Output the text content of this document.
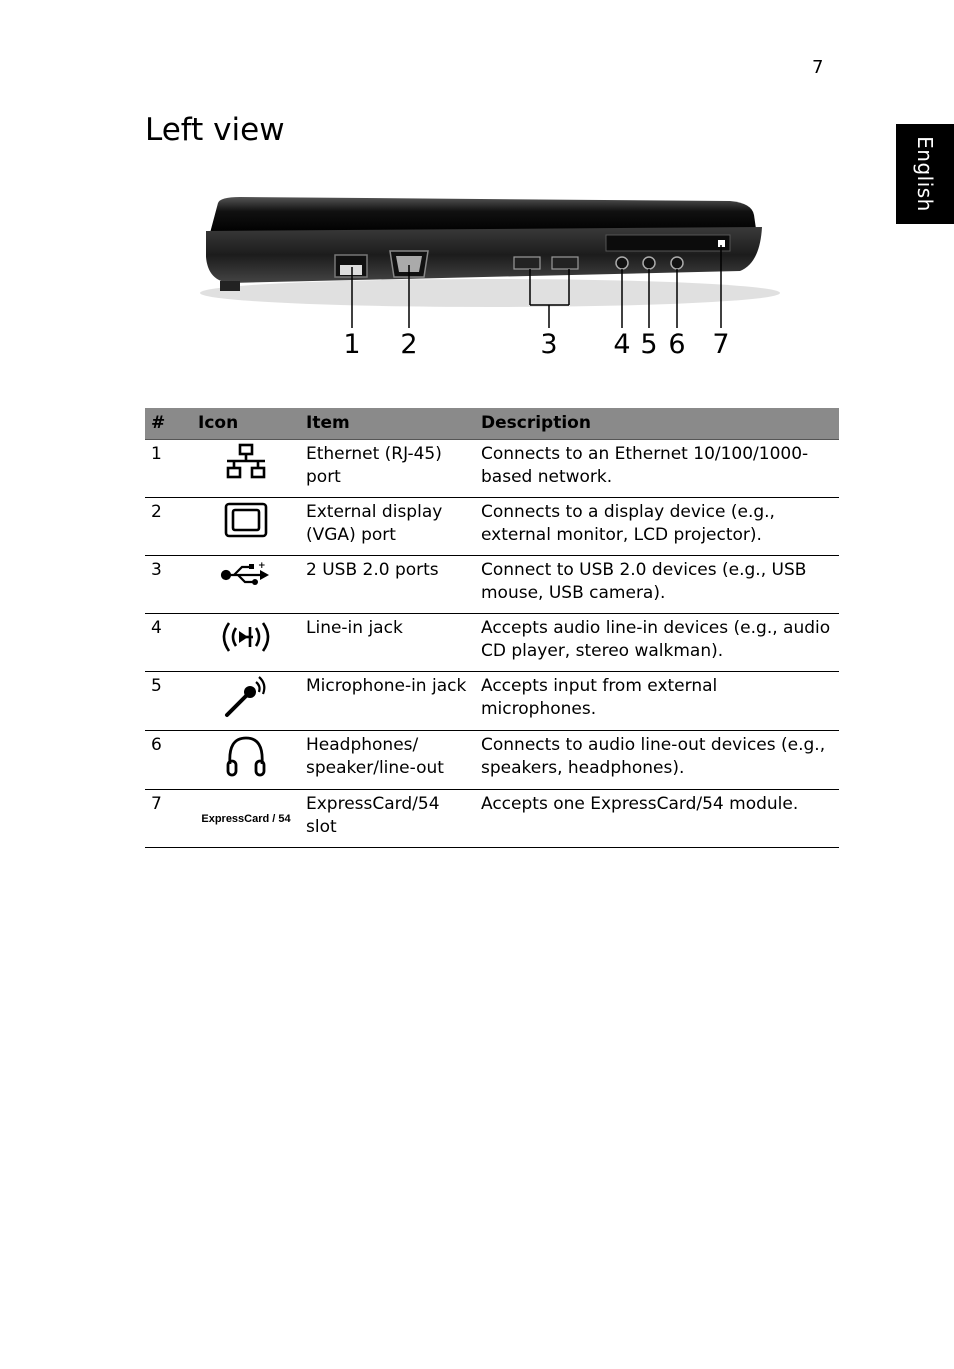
7
English
Left view
1 2	3 4 5 6 7
#	Icon	Item	Description
1		Ethernet (RJ-45) port	Connects to an Ethernet 10/100/1000-based network.
2		External display (VGA) port	Connects to a display device (e.g., external monitor, LCD projector).
3	+	2 USB 2.0 ports	Connect to USB 2.0 devices (e.g., USB mouse, USB camera).
4		Line-in jack	Accepts audio line-in devices (e.g., audio CD player, stereo walkman).
5		Microphone-in jack	Accepts input from external microphones.
6		Headphones/ speaker/line-out	Connects to audio line-out devices (e.g., speakers, headphones).
7	ExpressCard / 54	ExpressCard/54 slot	Accepts one ExpressCard/54 module.
